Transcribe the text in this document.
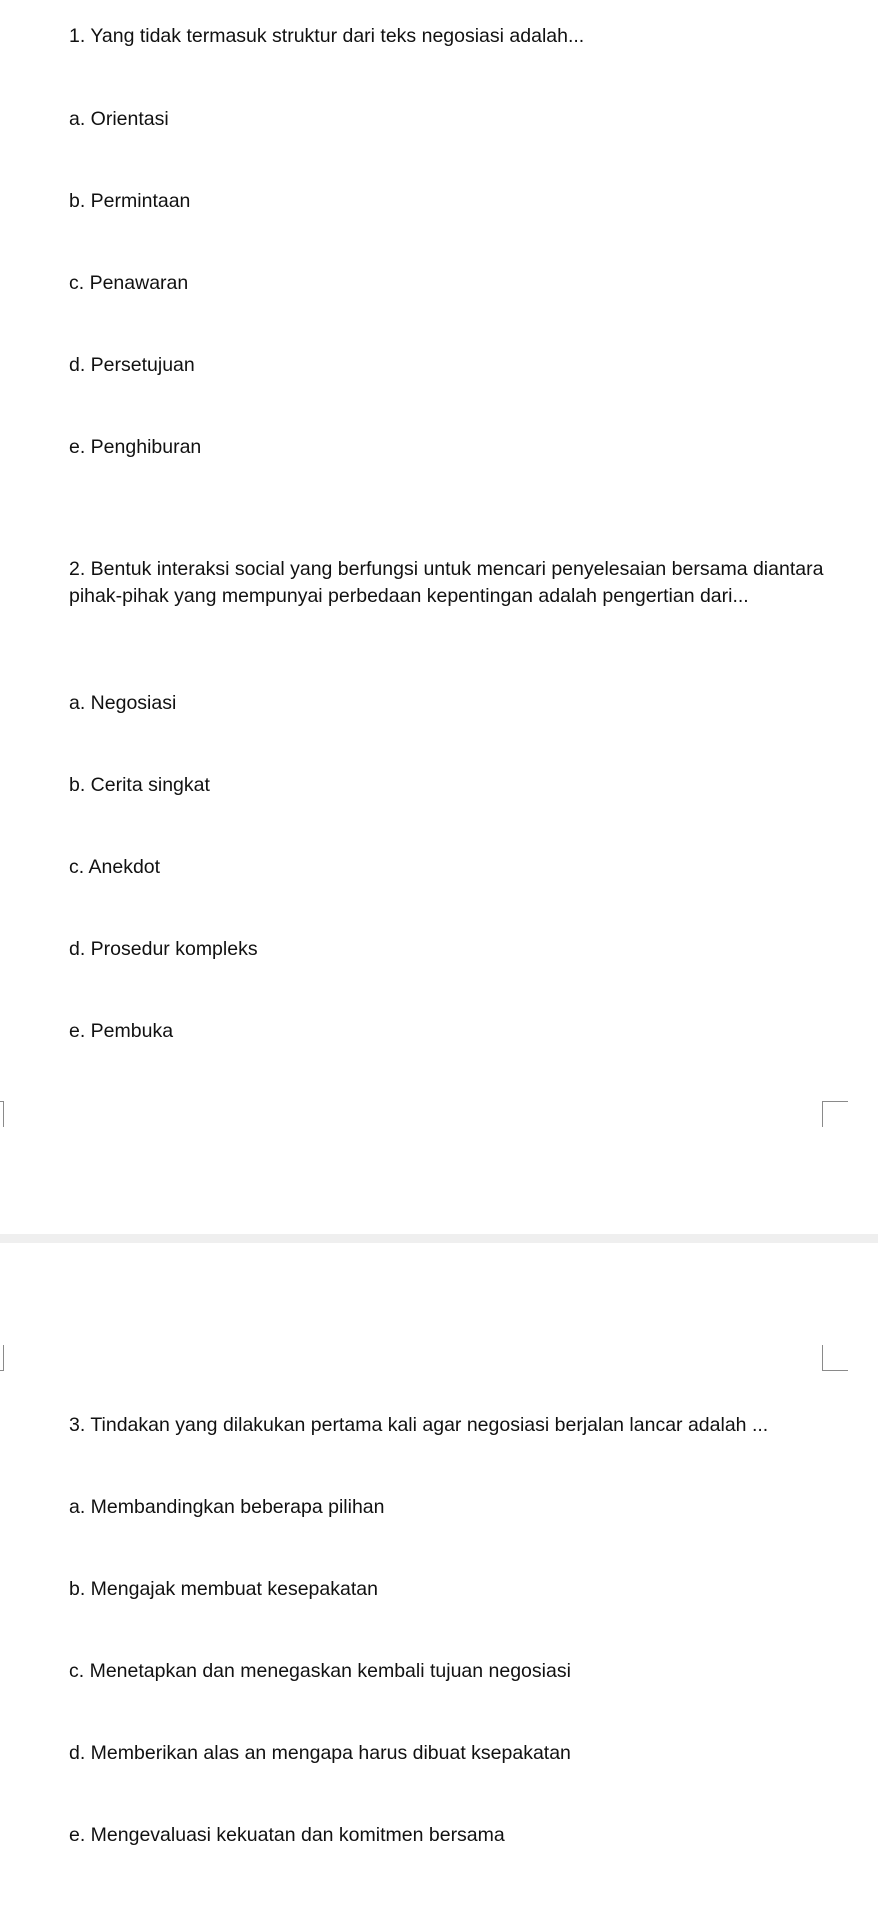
1. Yang tidak termasuk struktur dari teks negosiasi adalah...

a. Orientasi

b. Permintaan

c. Penawaran

d. Persetujuan

e. Penghiburan

2. Bentuk interaksi social yang berfungsi untuk mencari penyelesaian bersama diantara pihak-pihak yang mempunyai perbedaan kepentingan adalah pengertian dari...

a. Negosiasi

b. Cerita singkat

c. Anekdot

d. Prosedur kompleks

e. Pembuka

3. Tindakan yang dilakukan pertama kali agar negosiasi berjalan lancar adalah ...

a. Membandingkan beberapa pilihan

b. Mengajak membuat kesepakatan

c. Menetapkan dan menegaskan kembali tujuan negosiasi

d. Memberikan alas an mengapa harus dibuat ksepakatan

e. Mengevaluasi kekuatan dan komitmen bersama
